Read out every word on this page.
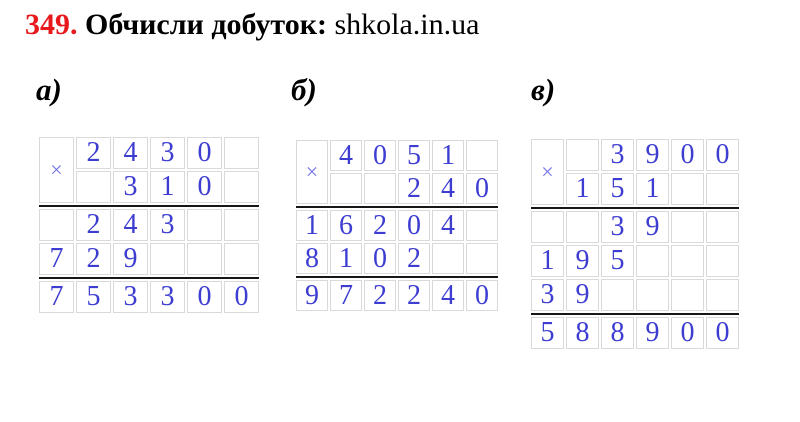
349. Обчисли добуток: shkola.in.ua
а)	б)	в)
×
2 4 3 0
3 1 0
2 4 3
7 2 9
7 5 3 3 0 0
×
4 0 5 1
2 4 0
1 6 2 0 4
8 1 0 2
9 7 2 2 4 0
×
3 9 0 0
1 5 1
3 9
1 9 5
3 9
5 8 8 9 0 0
